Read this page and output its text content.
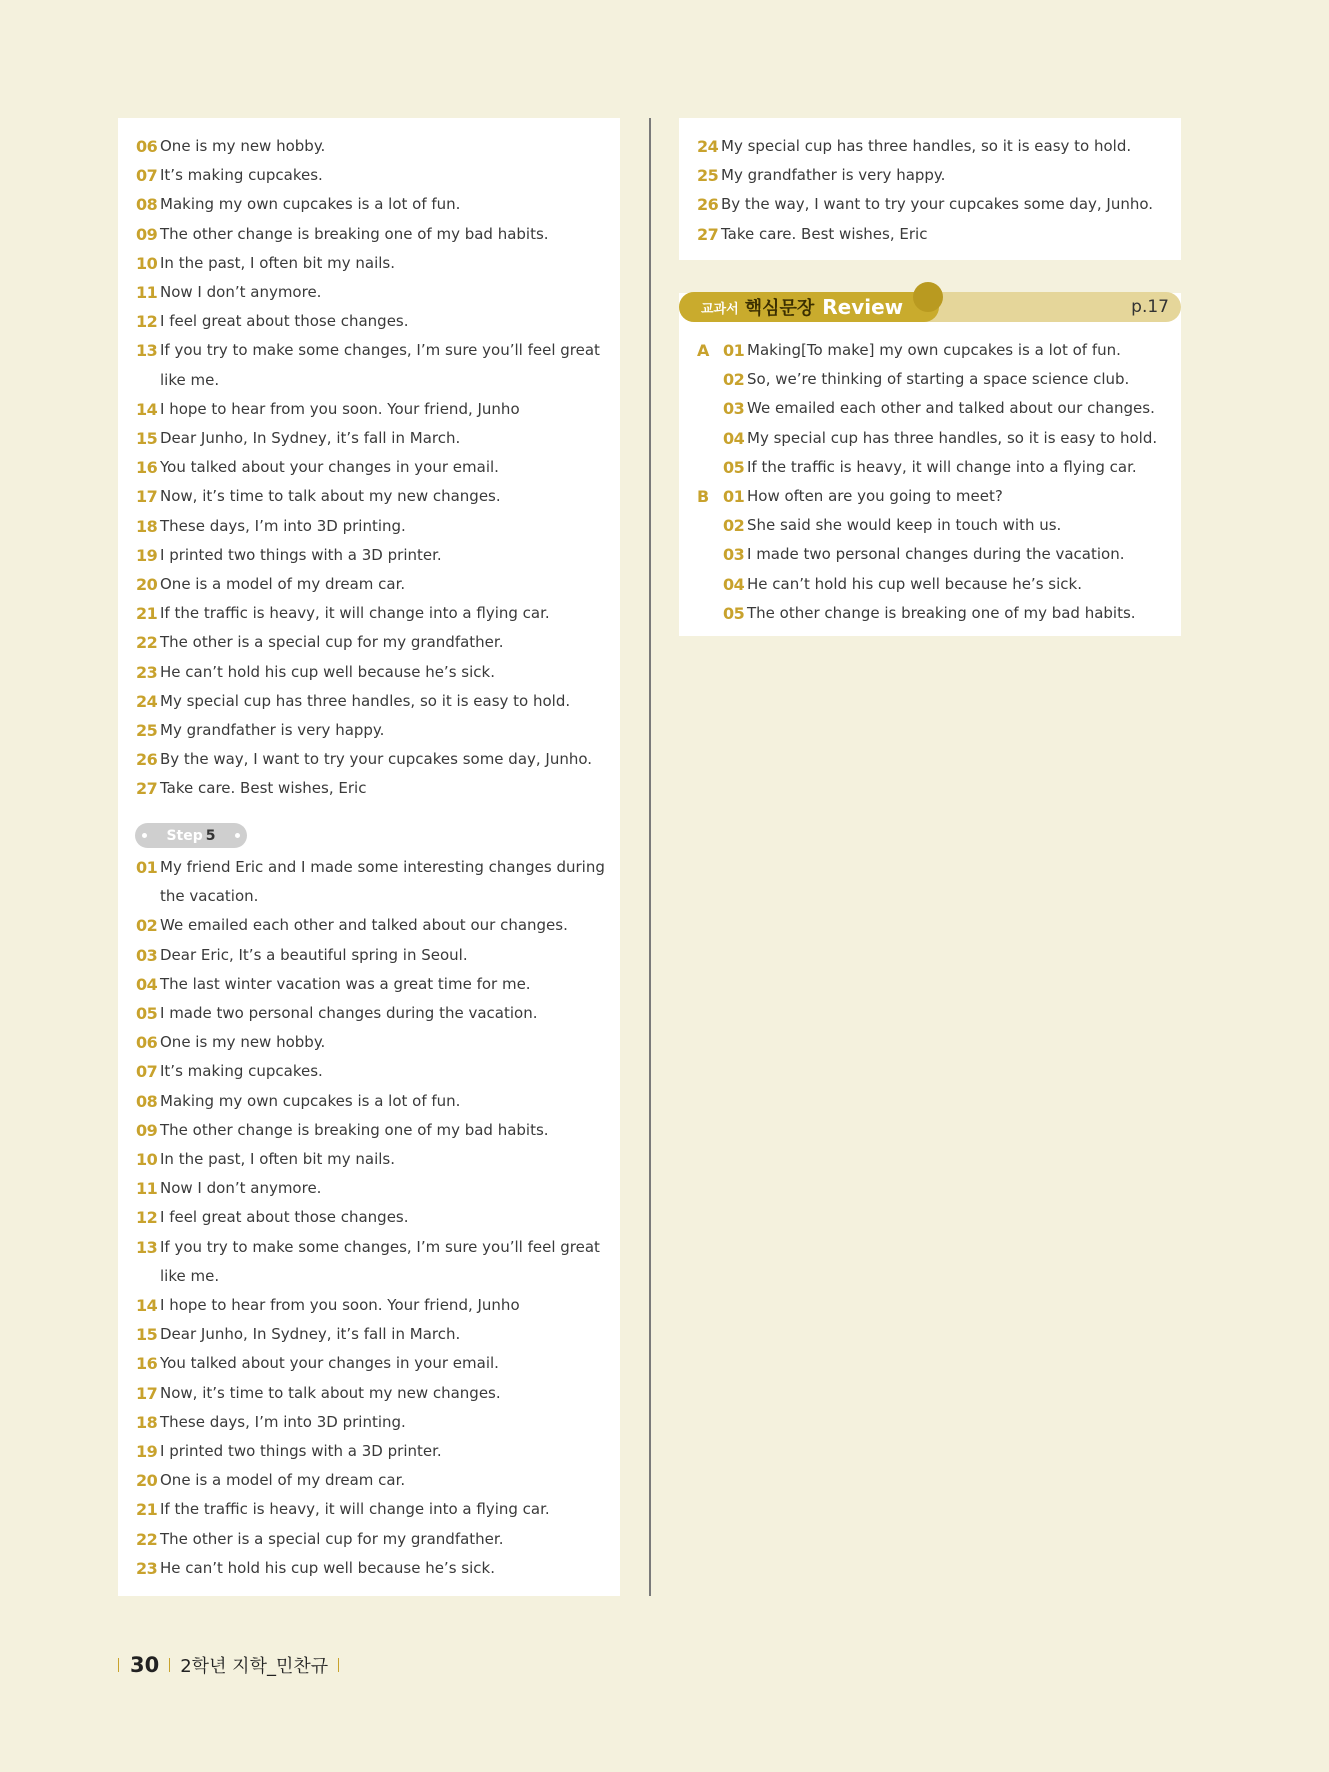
06 One is my new hobby.
07 It’s making cupcakes.
08 Making my own cupcakes is a lot of fun.
09 The other change is breaking one of my bad habits.
10 In the past, I often bit my nails.
11 Now I don’t anymore.
12 I feel great about those changes.
13 If you try to make some changes, I’m sure you’ll feel great like me.
14 I hope to hear from you soon. Your friend, Junho
15 Dear Junho, In Sydney, it’s fall in March.
16 You talked about your changes in your email.
17 Now, it’s time to talk about my new changes.
18 These days, I’m into 3D printing.
19 I printed two things with a 3D printer.
20 One is a model of my dream car.
21 If the traffic is heavy, it will change into a flying car.
22 The other is a special cup for my grandfather.
23 He can’t hold his cup well because he’s sick.
24 My special cup has three handles, so it is easy to hold.
25 My grandfather is very happy.
26 By the way, I want to try your cupcakes some day, Junho.
27 Take care. Best wishes, Eric
Step 5
01 My friend Eric and I made some interesting changes during the vacation.
02 We emailed each other and talked about our changes.
03 Dear Eric, It’s a beautiful spring in Seoul.
04 The last winter vacation was a great time for me.
05 I made two personal changes during the vacation.
06 One is my new hobby.
07 It’s making cupcakes.
08 Making my own cupcakes is a lot of fun.
09 The other change is breaking one of my bad habits.
10 In the past, I often bit my nails.
11 Now I don’t anymore.
12 I feel great about those changes.
13 If you try to make some changes, I’m sure you’ll feel great like me.
14 I hope to hear from you soon. Your friend, Junho
15 Dear Junho, In Sydney, it’s fall in March.
16 You talked about your changes in your email.
17 Now, it’s time to talk about my new changes.
18 These days, I’m into 3D printing.
19 I printed two things with a 3D printer.
20 One is a model of my dream car.
21 If the traffic is heavy, it will change into a flying car.
22 The other is a special cup for my grandfather.
23 He can’t hold his cup well because he’s sick.
24 My special cup has three handles, so it is easy to hold.
25 My grandfather is very happy.
26 By the way, I want to try your cupcakes some day, Junho.
27 Take care. Best wishes, Eric
A 01 Making[To make] my own cupcakes is a lot of fun.
02 So, we’re thinking of starting a space science club.
03 We emailed each other and talked about our changes.
04 My special cup has three handles, so it is easy to hold.
05 If the traffic is heavy, it will change into a flying car.
B 01 How often are you going to meet?
02 She said she would keep in touch with us.
03 I made two personal changes during the vacation.
04 He can’t hold his cup well because he’s sick.
05 The other change is breaking one of my bad habits.
교과서 핵심문장 Review	p.17
30 2학년 지학_민찬규
